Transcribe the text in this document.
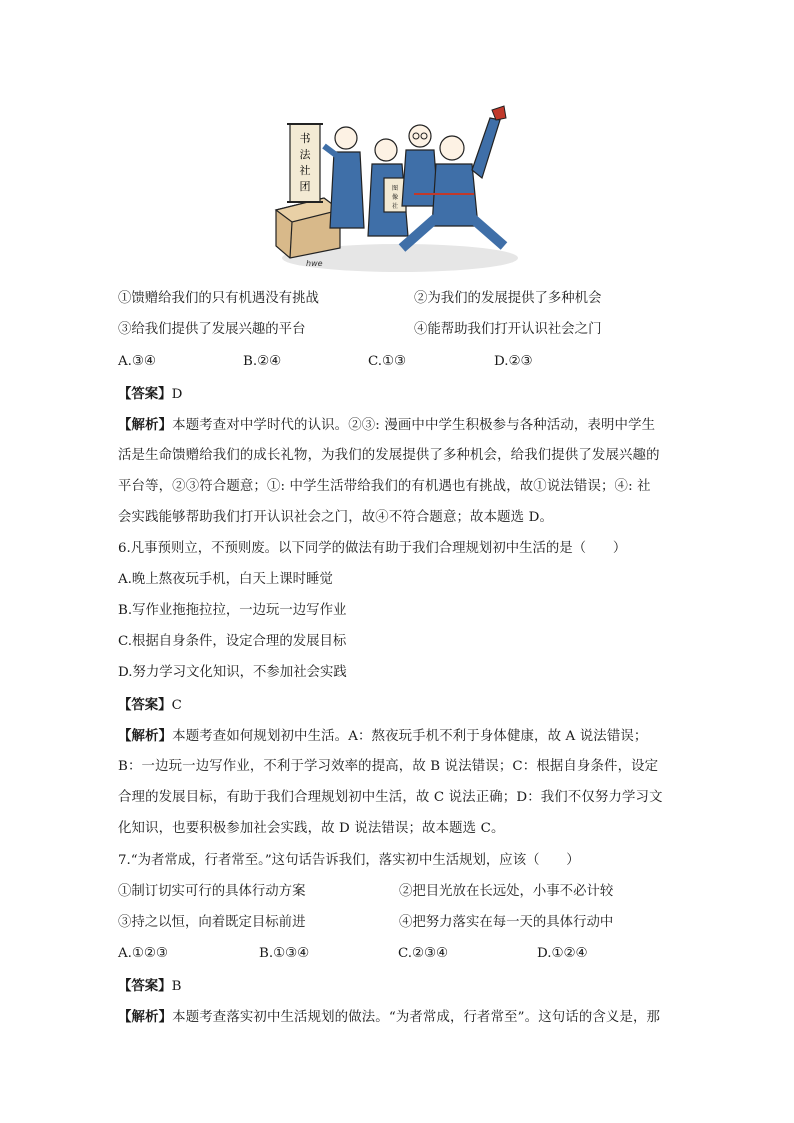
书
法
社
团	图
像
社
hwe
①馈赠给我们的只有机遇没有挑战	②为我们的发展提供了多种机会
③给我们提供了发展兴趣的平台	④能帮助我们打开认识社会之门
A.③④	B.②④	C.①③	D.②③
【答案】D
【解析】本题考查对中学时代的认识。②③: 漫画中中学生积极参与各种活动，表明中学生
活是生命馈赠给我们的成长礼物，为我们的发展提供了多种机会，给我们提供了发展兴趣的
平台等，②③符合题意；①: 中学生活带给我们的有机遇也有挑战，故①说法错误；④: 社
会实践能够帮助我们打开认识社会之门，故④不符合题意；故本题选 D。
6.凡事预则立，不预则废。以下同学的做法有助于我们合理规划初中生活的是（　　）
A.晚上熬夜玩手机，白天上课时睡觉
B.写作业拖拖拉拉，一边玩一边写作业
C.根据自身条件，设定合理的发展目标
D.努力学习文化知识，不参加社会实践
【答案】C
【解析】本题考查如何规划初中生活。A：熬夜玩手机不利于身体健康，故 A 说法错误；
B：一边玩一边写作业，不利于学习效率的提高，故 B 说法错误；C：根据自身条件，设定
合理的发展目标，有助于我们合理规划初中生活，故 C 说法正确；D：我们不仅努力学习文
化知识，也要积极参加社会实践，故 D 说法错误；故本题选 C。
7.“为者常成，行者常至。”这句话告诉我们，落实初中生活规划，应该（　　）
①制订切实可行的具体行动方案	②把目光放在长远处，小事不必计较
③持之以恒，向着既定目标前进	④把努力落实在每一天的具体行动中
A.①②③	B.①③④	C.②③④	D.①②④
【答案】B
【解析】本题考查落实初中生活规划的做法。“为者常成，行者常至”。这句话的含义是，那
